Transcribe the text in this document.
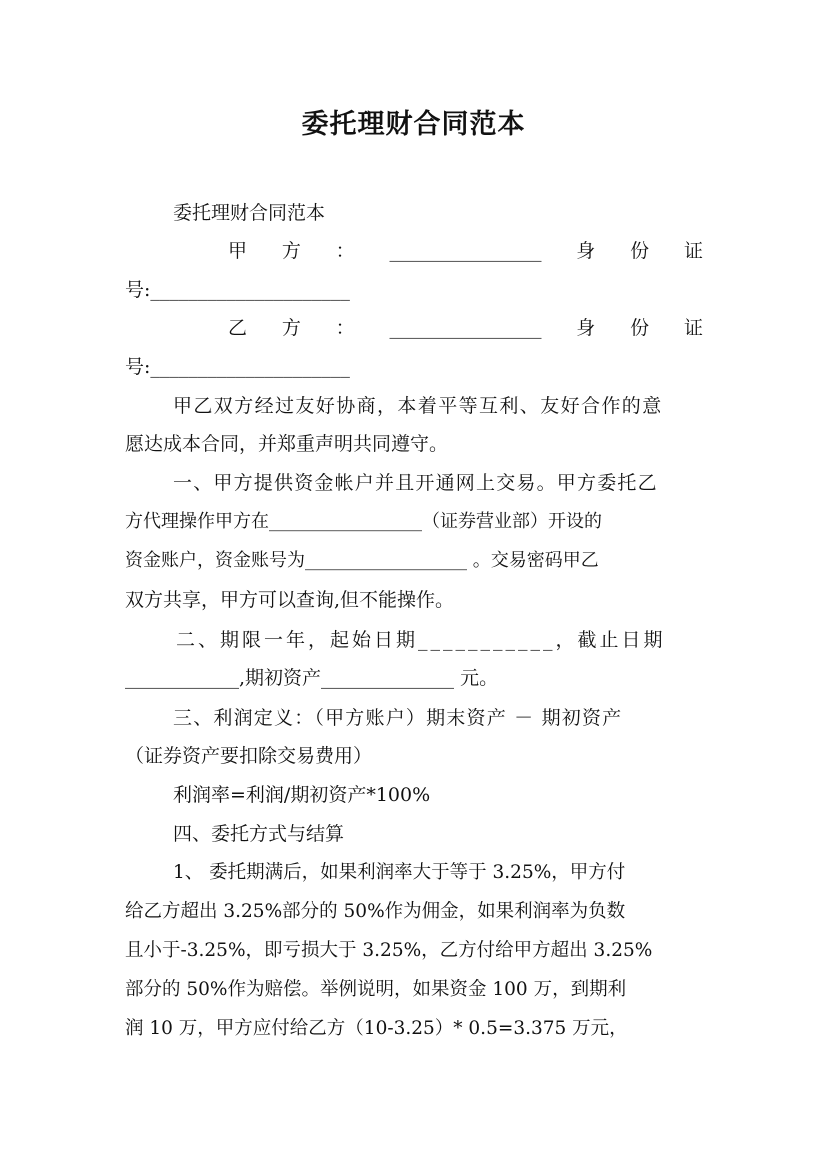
委托理财合同范本
委托理财合同范本
甲 方 ： ________________ 身 份 证
号:_____________________
乙 方 ： ________________ 身 份 证
号:_____________________
甲乙双方经过友好协商，本着平等互利、友好合作的意
愿达成本合同，并郑重声明共同遵守。
一、甲方提供资金帐户并且开通网上交易。甲方委托乙
方代理操作甲方在_________________（证券营业部）开设的
资金账户，资金账号为__________________ 。交易密码甲乙
双方共享，甲方可以查询,但不能操作。
二、期限一年，起始日期___________，截止日期
____________,期初资产______________ 元。
三、利润定义：（甲方账户）期末资产 － 期初资产
（证券资产要扣除交易费用）
利润率=利润/期初资产*100%
四、委托方式与结算
1、 委托期满后，如果利润率大于等于 3.25%，甲方付
给乙方超出 3.25%部分的 50%作为佣金，如果利润率为负数
且小于-3.25%，即亏损大于 3.25%，乙方付给甲方超出 3.25%
部分的 50%作为赔偿。举例说明，如果资金 100 万，到期利
润 10 万，甲方应付给乙方（10-3.25）* 0.5=3.375 万元，
